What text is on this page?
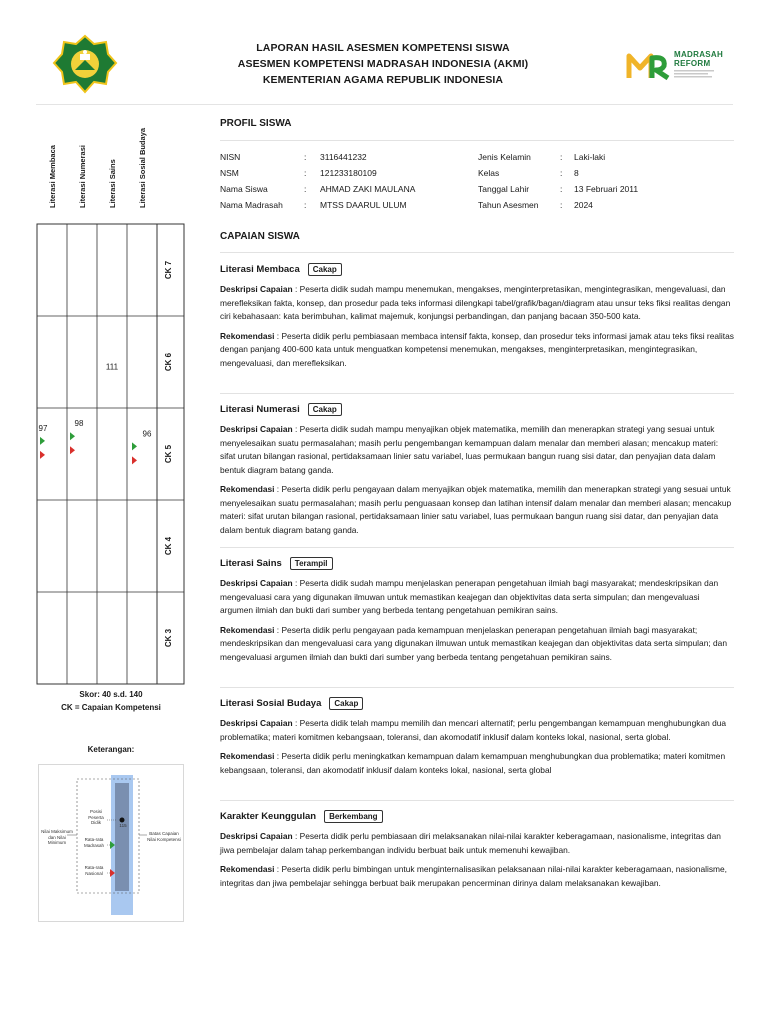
LAPORAN HASIL ASESMEN KOMPETENSI SISWA
ASESMEN KOMPETENSI MADRASAH INDONESIA (AKMI)
KEMENTERIAN AGAMA REPUBLIK INDONESIA
MADRASAH
REFORM
Literasi Membaca	Literasi Numerasi	Literasi Sains	Literasi Sosial Budaya
CK 7
CK 6
CK 5
CK 4
CK 3
97
98
111
96
Skor: 40 s.d. 140
CK = Capaian Kompetensi
Keterangan:
Posisi Peserta Didik
115
Rata-rata Madrasah
Rata-rata Nasional
Nilai Maksimum dan Nilai Minimum
Batas Capaian Nilai Kompetensi
PROFIL SISWA
NISN	: 3116441232
NSM	: 121233180109
Nama Siswa	: AHMAD ZAKI MAULANA
Nama Madrasah : MTSS DAARUL ULUM
Jenis Kelamin	: Laki-laki
Kelas	: 8
Tanggal Lahir	: 13 Februari 2011
Tahun Asesmen	: 2024
CAPAIAN SISWA
Literasi Membaca	Cakap
Deskripsi Capaian : Peserta didik sudah mampu menemukan, mengakses, menginterpretasikan, mengintegrasikan, mengevaluasi, dan merefleksikan fakta, konsep, dan prosedur pada teks informasi dilengkapi tabel/grafik/bagan/diagram atau unsur teks fiksi realitas dengan ciri kebahasaan: kata berimbuhan, kalimat majemuk, konjungsi perbandingan, dan panjang bacaan 350-500 kata.
Rekomendasi : Peserta didik perlu pembiasaan membaca intensif fakta, konsep, dan prosedur teks informasi jamak atau teks fiksi realitas dengan panjang 400-600 kata untuk menguatkan kompetensi menemukan, mengakses, menginterpretasikan, mengintegrasikan, mengevaluasi, dan merefleksikan.
Literasi Numerasi	Cakap
Deskripsi Capaian : Peserta didik sudah mampu menyajikan objek matematika, memilih dan menerapkan strategi yang sesuai untuk menyelesaikan suatu permasalahan; masih perlu pengembangan kemampuan dalam menalar dan memberi alasan; mencakup materi: sifat urutan bilangan rasional, pertidaksamaan linier satu variabel, luas permukaan bangun ruang sisi datar, dan penyajian data dalam bentuk diagram batang ganda.
Rekomendasi : Peserta didik perlu pengayaan dalam menyajikan objek matematika, memilih dan menerapkan strategi yang sesuai untuk menyelesaikan suatu permasalahan; masih perlu penguasaan konsep dan latihan intensif dalam menalar dan memberi alasan; mencakup materi: sifat urutan bilangan rasional, pertidaksamaan linier satu variabel, luas permukaan bangun ruang sisi datar, dan penyajian data dalam bentuk diagram batang ganda.
Literasi Sains	Terampil
Deskripsi Capaian : Peserta didik sudah mampu menjelaskan penerapan pengetahuan ilmiah bagi masyarakat; mendeskripsikan dan mengevaluasi cara yang digunakan ilmuwan untuk memastikan keajegan dan objektivitas data serta simpulan; dan mengevaluasi argumen ilmiah dan bukti dari sumber yang berbeda tentang pengetahuan pemikiran sains.
Rekomendasi : Peserta didik perlu pengayaan pada kemampuan menjelaskan penerapan pengetahuan ilmiah bagi masyarakat; mendeskripsikan dan mengevaluasi cara yang digunakan ilmuwan untuk memastikan keajegan dan objektivitas data serta simpulan; dan mengevaluasi argumen ilmiah dan bukti dari sumber yang berbeda tentang pengetahuan pemikiran sains.
Literasi Sosial Budaya	Cakap
Deskripsi Capaian : Peserta didik telah mampu memilih dan mencari alternatif; perlu pengembangan kemampuan menghubungkan dua problematika; materi komitmen kebangsaan, toleransi, dan akomodatif inklusif dalam konteks lokal, nasional, serta global.
Rekomendasi : Peserta didik perlu meningkatkan kemampuan dalam kemampuan menghubungkan dua problematika; materi komitmen kebangsaan, toleransi, dan akomodatif inklusif dalam konteks lokal, nasional, serta global
Karakter Keunggulan	Berkembang
Deskripsi Capaian : Peserta didik perlu pembiasaan diri melaksanakan nilai-nilai karakter keberagamaan, nasionalisme, integritas dan jiwa pembelajar dalam tahap perkembangan individu berbuat baik untuk memenuhi kewajiban.
Rekomendasi : Peserta didik perlu bimbingan untuk menginternalisasikan pelaksanaan nilai-nilai karakter keberagamaan, nasionalisme, integritas dan jiwa pembelajar sehingga berbuat baik merupakan pencerminan dirinya dalam melaksanakan kewajiban.
